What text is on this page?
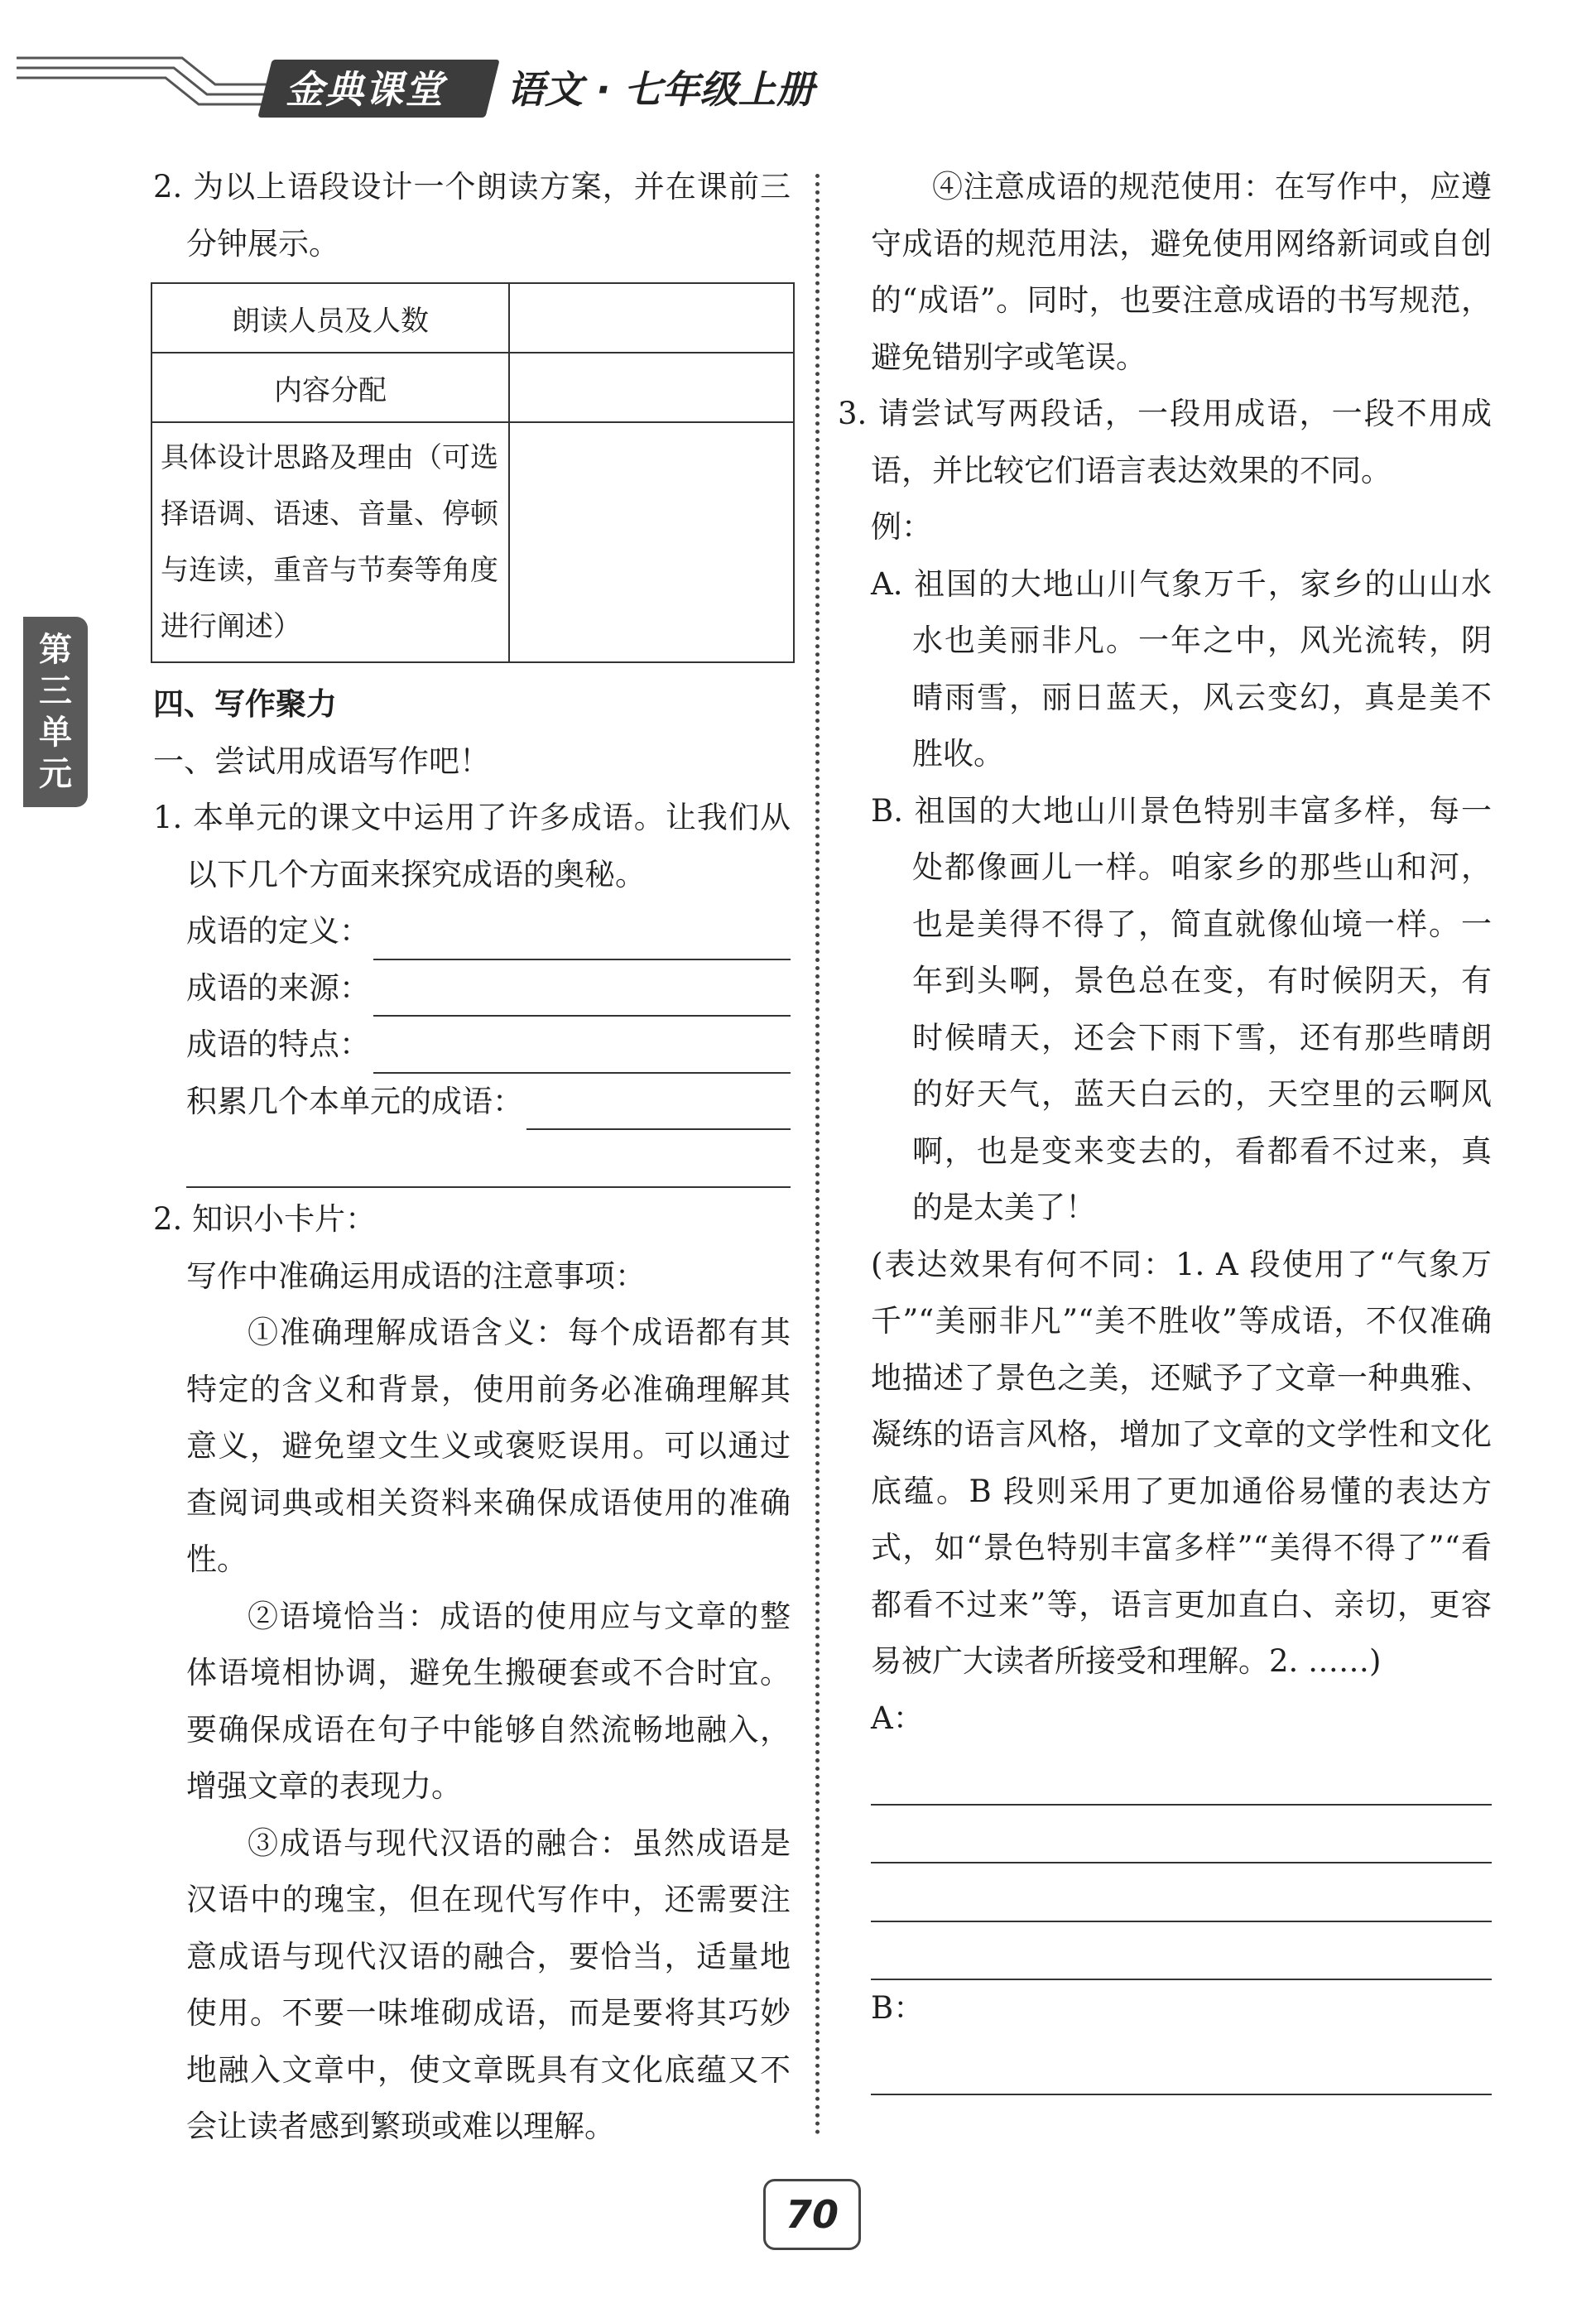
金典课堂	语文 · 七年级上册
第三单元

2. 为以上语段设计一个朗读方案，并在课前三分钟展示。

朗读人员及人数	
内容分配	
具体设计思路及理由（可选择语调、语速、音量、停顿与连读，重音与节奏等角度进行阐述）	

四、写作聚力

一、尝试用成语写作吧！

1. 本单元的课文中运用了许多成语。让我们从以下几个方面来探究成语的奥秘。

成语的定义：
成语的来源：
成语的特点：
积累几个本单元的成语：

2. 知识小卡片：

写作中准确运用成语的注意事项：

①准确理解成语含义：每个成语都有其特定的含义和背景，使用前务必准确理解其意义，避免望文生义或褒贬误用。可以通过查阅词典或相关资料来确保成语使用的准确性。

②语境恰当：成语的使用应与文章的整体语境相协调，避免生搬硬套或不合时宜。要确保成语在句子中能够自然流畅地融入，增强文章的表现力。

③成语与现代汉语的融合：虽然成语是汉语中的瑰宝，但在现代写作中，还需要注意成语与现代汉语的融合，要恰当，适量地使用。不要一味堆砌成语，而是要将其巧妙地融入文章中，使文章既具有文化底蕴又不会让读者感到繁琐或难以理解。

④注意成语的规范使用：在写作中，应遵守成语的规范用法，避免使用网络新词或自创的“成语”。同时，也要注意成语的书写规范，避免错别字或笔误。

3. 请尝试写两段话，一段用成语，一段不用成语，并比较它们语言表达效果的不同。

例：

A. 祖国的大地山川气象万千，家乡的山山水水也美丽非凡。一年之中，风光流转，阴晴雨雪，丽日蓝天，风云变幻，真是美不胜收。

B. 祖国的大地山川景色特别丰富多样，每一处都像画儿一样。咱家乡的那些山和河，也是美得不得了，简直就像仙境一样。一年到头啊，景色总在变，有时候阴天，有时候晴天，还会下雨下雪，还有那些晴朗的好天气，蓝天白云的，天空里的云啊风啊，也是变来变去的，看都看不过来，真的是太美了！

(表达效果有何不同：1. A 段使用了“气象万千”“美丽非凡”“美不胜收”等成语，不仅准确地描述了景色之美，还赋予了文章一种典雅、凝练的语言风格，增加了文章的文学性和文化底蕴。B 段则采用了更加通俗易懂的表达方式，如“景色特别丰富多样”“美得不得了”“看都看不过来”等，语言更加直白、亲切，更容易被广大读者所接受和理解。2. ……)

A：

B：

70
